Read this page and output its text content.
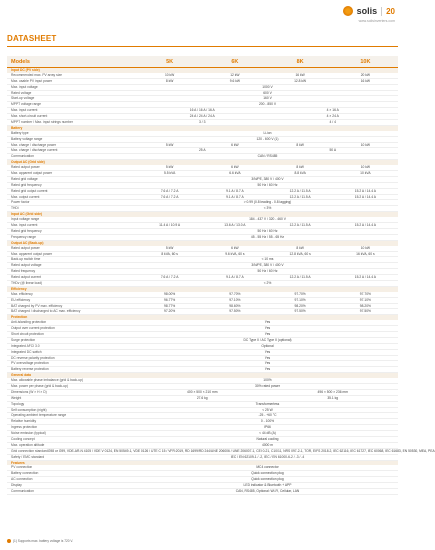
solis	20
www.solisinverters.com
DATASHEET
Models	5K	6K	8K	10K
Input DC (PV side)
Recommended max. PV array size	10 kW	12 kW	16 kW	20 kW
Max. usable PV input power	8 kW	9.6 kW	12.8 kW	16 kW
Max. input voltage	1000 V
Rated voltage	600 V
Start-up voltage	160 V
MPPT voltage range	200 - 850 V
Max. input current	16 A / 16 A / 16 A	4 × 16 A
Max. short-circuit current	24 A / 24 A / 24 A	4 × 24 A
MPPT number / Max. input strings number	3 / 3	4 / 4
Battery
Battery type	Li-ion
Battery voltage range	120 - 600 V (1)
Max. charge / discharge power	5 kW	6 kW	8 kW	10 kW
Max. charge / discharge current	25 A	50 A
Communication	CAN / RS485
Output AC (Grid side)
Rated output power	5 kW	6 kW	8 kW	10 kW
Max. apparent output power	5.5 kVA	6.6 kVA	8.8 kVA	10 kVA
Rated grid voltage	3/N/PE, 380 V / 400 V
Rated grid frequency	50 Hz / 60 Hz
Rated grid output current	7.6 A / 7.2 A	9.1 A / 8.7 A	12.2 A / 11.5 A	15.2 A / 14.4 A
Max. output current	7.6 A / 7.2 A	9.1 A / 8.7 A	12.2 A / 11.5 A	15.2 A / 14.4 A
Power factor	> 0.99 (0.8 leading - 0.8 lagging)
THDi	< 3%
Input AC (Grid side)
Input voltage range	184 - 437 V / 320 - 460 V
Max. input current	11.4 A / 10.9 A	13.6 A / 13.0 A	12.2 A / 11.5 A	15.2 A / 14.4 A
Rated grid frequency	50 Hz / 60 Hz
Frequency range	45 - 55 Hz / 55 - 65 Hz
Output AC (Back-up)
Rated output power	5 kW	6 kW	8 kW	10 kW
Max. apparent output power	8 kVA, 60 s	9.6 kVA, 60 s	12.8 kVA, 60 s	16 kVA, 60 s
Back-up switch time	< 10 ms
Rated output voltage	3/N/PE, 380 V / 400 V
Rated frequency	50 Hz / 60 Hz
Rated output current	7.6 A / 7.2 A	9.1 A / 8.7 A	12.2 A / 11.5 A	15.2 A / 14.4 A
THDv (@ linear load)	< 2%
Efficiency
Max. efficiency	98.00%	97.70%	97.70%	97.70%
EU efficiency	96.77%	97.10%	97.10%	97.10%
BAT charged by PV max. efficiency	98.77%	98.60%	98.20%	98.20%
BAT charged / discharged to AC max. efficiency	97.20%	97.50%	97.50%	97.50%
Protection
Anti-islanding protection	Yes
Output over current protection	Yes
Short circuit protection	Yes
Surge protection	DC Type II / AC Type II (optional)
Integrated AFCI 3.0	Optional
Integrated DC switch	Yes
DC reverse polarity protection	Yes
PV overvoltage protection	Yes
Battery reverse protection	Yes
General data
Max. allowable phase imbalance (grid & back-up)	100%
Max. power per phase (grid & back-up)	30% rated power
Dimensions (W × H × D)	400 × 500 × 210 mm	496 × 500 × 236 mm
Weight	27.6 kg	35.1 kg
Topology	Transformerless
Self consumption (night)	< 25 W
Operating ambient temperature range	-25 - +60 °C
Relative humidity	0 - 100%
Ingress protection	IP66
Noise emission (typical)	< 44 dB (A)
Cooling concept	Natural cooling
Max. operation altitude	4000 m
Grid connection standard G98 or G99, VDE-AR-N 4105 / VDE V 0124, EN 50549-1, VDE 0126 / UTE C 15 / VFR:2019, RD 1699/RD 244/UNE 206006 / UNE 206007-1, CEI 0-21, C10/11, NRS 097-2-1, TOR, EIFS 2018.2, IEC 62116, IEC 61727, IEC 60068, IEC 61683, EN 50530, MEA, PEA
Safety / EMC standard	IEC / EN 62109-1 / -2, IEC / EN 61000-6-2 / -3 / -4
Features
PV connection	MC4 connector
Battery connection	Quick connection plug
AC connection	Quick connection plug
Display	LED indicator & Bluetooth + APP
Communication	CAN, RS485, Optional: Wi-Fi, Cellular, LAN
(1) Supports max. battery voltage is 720 V.
